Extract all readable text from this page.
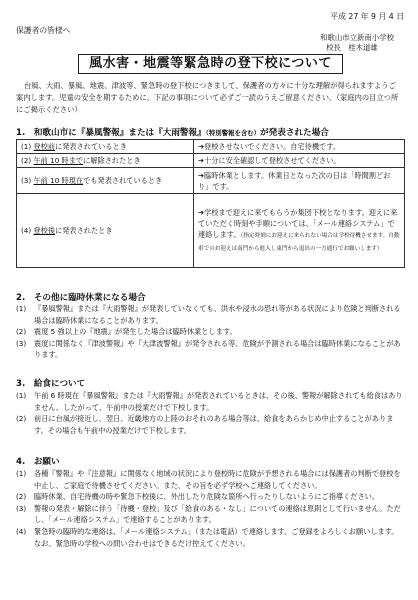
平成 27 年 9 月 4 日
保護者の皆様へ
和歌山市立新南小学校
校長　桂木道雄
風水害・地震等緊急時の登下校について
台風、大雨、暴風、地震、津波等、緊急時の登下校につきまして、保護者の方々に十分な理解が得られますようご案内します。児童の安全を期するために、下記の事項について必ずご一読のうえご留意ください。（家庭内の目立つ所にご掲示ください）
1.　和歌山市に『暴風警報』または『大雨警報』（特別警報を含む）が発表された場合
(1) 登校前に発表されているとき	➔登校させないでください。自宅待機です。
(2) 午前 10 時までに解除されたとき	➔十分に安全確認して登校させてください。
(3) 午前 10 時現在でも発表されているとき	➔臨時休業とします。休業日となった次の日は「時間割どおり」です。
(4) 登校後に発表されたとき	➔学校まで迎えに来てもらうか集団下校となります。迎えに来ていただく時刻や手順については、「メール連絡システム」で連絡します。（指定時刻にお迎えに来られない場合は学校待機させます。自動車でのお迎えは南門から進入し東門から退出の一方通行でお願いします）
2.　その他に臨時休業になる場合
(1)	『暴風警報』または『大雨警報』が発表していなくても、洪水や浸水の恐れ等がある状況により危険と判断される場合は臨時休業になることがあります。
(2)	震度 5 強以上の『地震』が発生した場合は臨時休業とします。
(3)	震度に関係なく『津波警報』や『大津波警報』が発令される等、危険が予測される場合は臨時休業になることがあります。
3.　給食について
(1)	午前 6 時現在『暴風警報』または『大雨警報』が発表されているときは、その後、警報が解除されても給食はありません。したがって、午前中の授業だけで下校します。
(2)	前日に台風が接近し、翌日、近畿地方の上陸のおそれのある場合等は、給食をあらかじめ中止することがあります。その場合も午前中の授業だけで下校します。
4.　お願い
(1)	各種『警報』や『注意報』に関係なく地域の状況により登校時に危険が予想される場合には保護者の判断で登校を中止し、ご家庭で待機させてください。また、その旨を必ず学校へご連絡してください。
(2)	臨時休業、自宅待機の時や緊急下校後に、外出したり危険な箇所へ行ったりしないようにご指導ください。
(3)	警報の発表・解除に伴う「待機・登校」及び「給食のある・なし」についての連絡は原則として行いません。ただし、「メール連絡システム」で連絡することがあります。
(4)	緊急時の臨時的な連絡は、「メール連絡システム」（または電話）で連絡します。ご登録をよろしくお願いします。なお、緊急時の学校への問い合わせはできるだけ控えてください。
